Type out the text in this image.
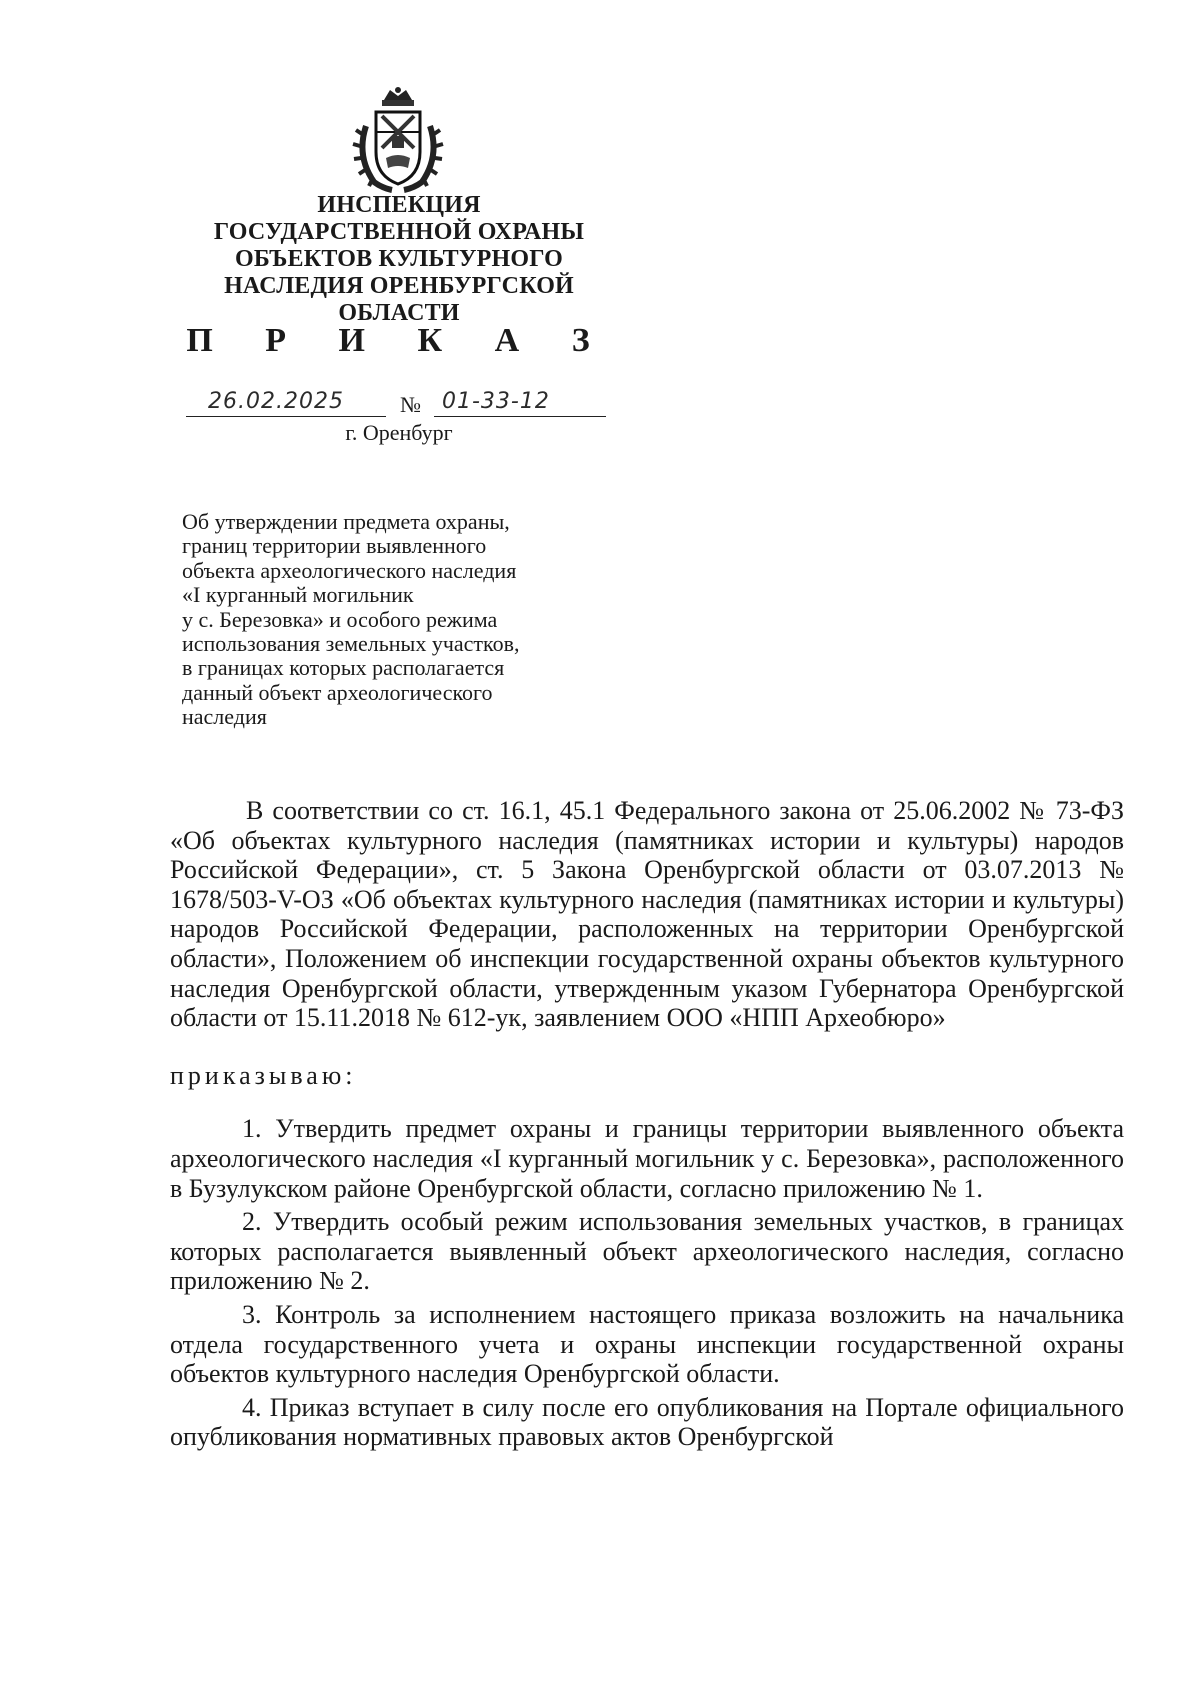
ИНСПЕКЦИЯ
ГОСУДАРСТВЕННОЙ ОХРАНЫ
ОБЪЕКТОВ КУЛЬТУРНОГО
НАСЛЕДИЯ ОРЕНБУРГСКОЙ
ОБЛАСТИ
П Р И К А З
26.02.2025	№ 01-33-12
г. Оренбург
Об утверждении предмета охраны,
границ территории выявленного
объекта археологического наследия
«I курганный могильник
у с. Березовка» и особого режима
использования земельных участков,
в границах которых располагается
данный объект археологического
наследия

В соответствии со ст. 16.1, 45.1 Федерального закона от 25.06.2002 № 73-ФЗ «Об объектах культурного наследия (памятниках истории и культуры) народов Российской Федерации», ст. 5 Закона Оренбургской области от 03.07.2013 № 1678/503-V-ОЗ «Об объектах культурного наследия (памятниках истории и культуры) народов Российской Федерации, расположенных на территории Оренбургской области», Положением об инспекции государственной охраны объектов культурного наследия Оренбургской области, утвержденным указом Губернатора Оренбургской области от 15.11.2018 № 612-ук, заявлением ООО «НПП Археобюро»

приказываю:

1. Утвердить предмет охраны и границы территории выявленного объекта археологического наследия «I курганный могильник у с. Березовка», расположенного в Бузулукском районе Оренбургской области, согласно приложению № 1.

2. Утвердить особый режим использования земельных участков, в границах которых располагается выявленный объект археологического наследия, согласно приложению № 2.

3. Контроль за исполнением настоящего приказа возложить на начальника отдела государственного учета и охраны инспекции государственной охраны объектов культурного наследия Оренбургской области.

4. Приказ вступает в силу после его опубликования на Портале официального опубликования нормативных правовых актов Оренбургской
